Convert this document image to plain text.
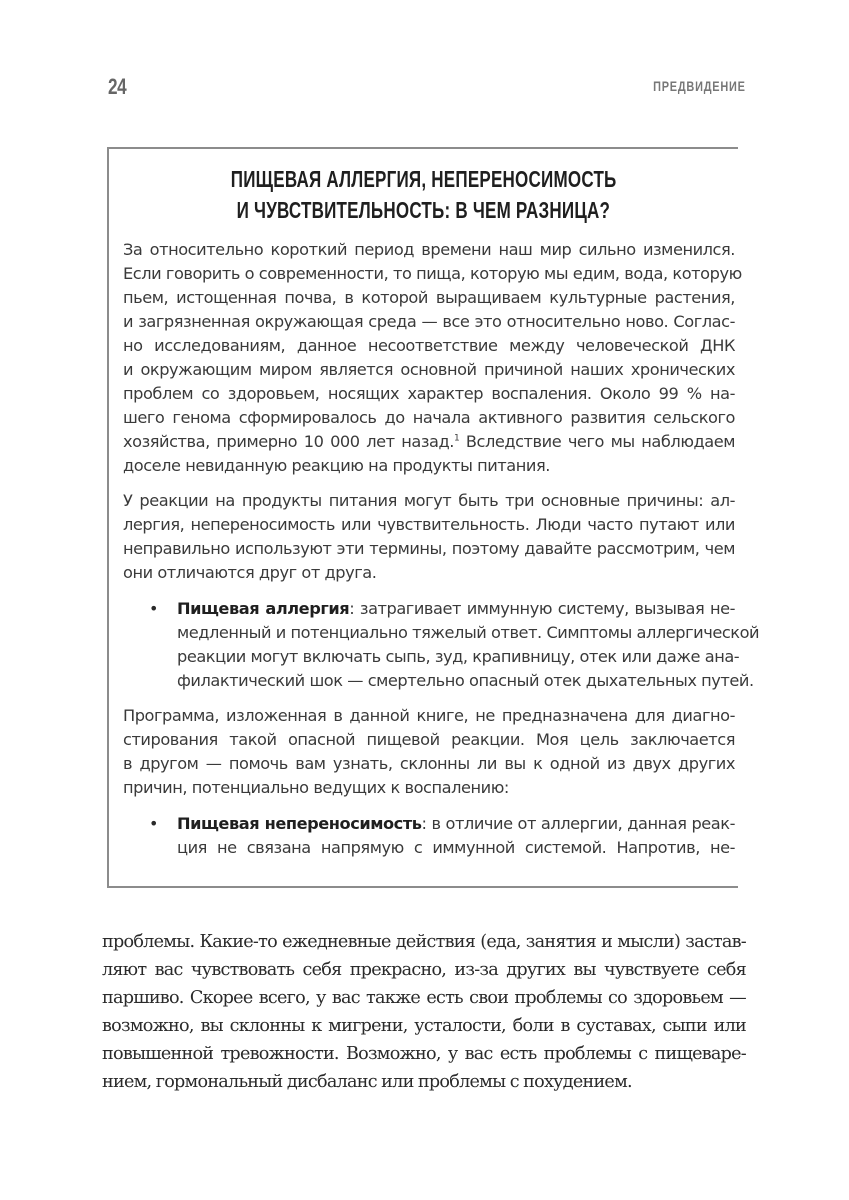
24	ПРЕДВИДЕНИЕ
ПИЩЕВАЯ АЛЛЕРГИЯ, НЕПЕРЕНОСИМОСТЬ
И ЧУВСТВИТЕЛЬНОСТЬ: В ЧЕМ РАЗНИЦА?
За относительно короткий период времени наш мир сильно изменился.
Если говорить о современности, то пища, которую мы едим, вода, которую
пьем, истощенная почва, в которой выращиваем культурные растения,
и загрязненная окружающая среда — все это относительно ново. Соглас-
но исследованиям, данное несоответствие между человеческой ДНК
и окружающим миром является основной причиной наших хронических
проблем со здоровьем, носящих характер воспаления. Около 99 % на-
шего генома сформировалось до начала активного развития сельского
хозяйства, примерно 10 000 лет назад.$^1$ Вследствие чего мы наблюдаем
доселе невиданную реакцию на продукты питания.
У реакции на продукты питания могут быть три основные причины: ал-
лергия, непереносимость или чувствительность. Люди часто путают или
неправильно используют эти термины, поэтому давайте рассмотрим, чем
они отличаются друг от друга.
• Пищевая аллергия: затрагивает иммунную систему, вызывая не-
медленный и потенциально тяжелый ответ. Симптомы аллергической
реакции могут включать сыпь, зуд, крапивницу, отек или даже ана-
филактический шок — смертельно опасный отек дыхательных путей.
Программа, изложенная в данной книге, не предназначена для диагно-
стирования такой опасной пищевой реакции. Моя цель заключается
в другом — помочь вам узнать, склонны ли вы к одной из двух других
причин, потенциально ведущих к воспалению:
• Пищевая непереносимость: в отличие от аллергии, данная реак-
ция не связана напрямую с иммунной системой. Напротив, не-
проблемы. Какие-то ежедневные действия (еда, занятия и мысли) застав-
ляют вас чувствовать себя прекрасно, из-за других вы чувствуете себя
паршиво. Скорее всего, у вас также есть свои проблемы со здоровьем —
возможно, вы склонны к мигрени, усталости, боли в суставах, сыпи или
повышенной тревожности. Возможно, у вас есть проблемы с пищеваре-
нием, гормональный дисбаланс или проблемы с похудением.
